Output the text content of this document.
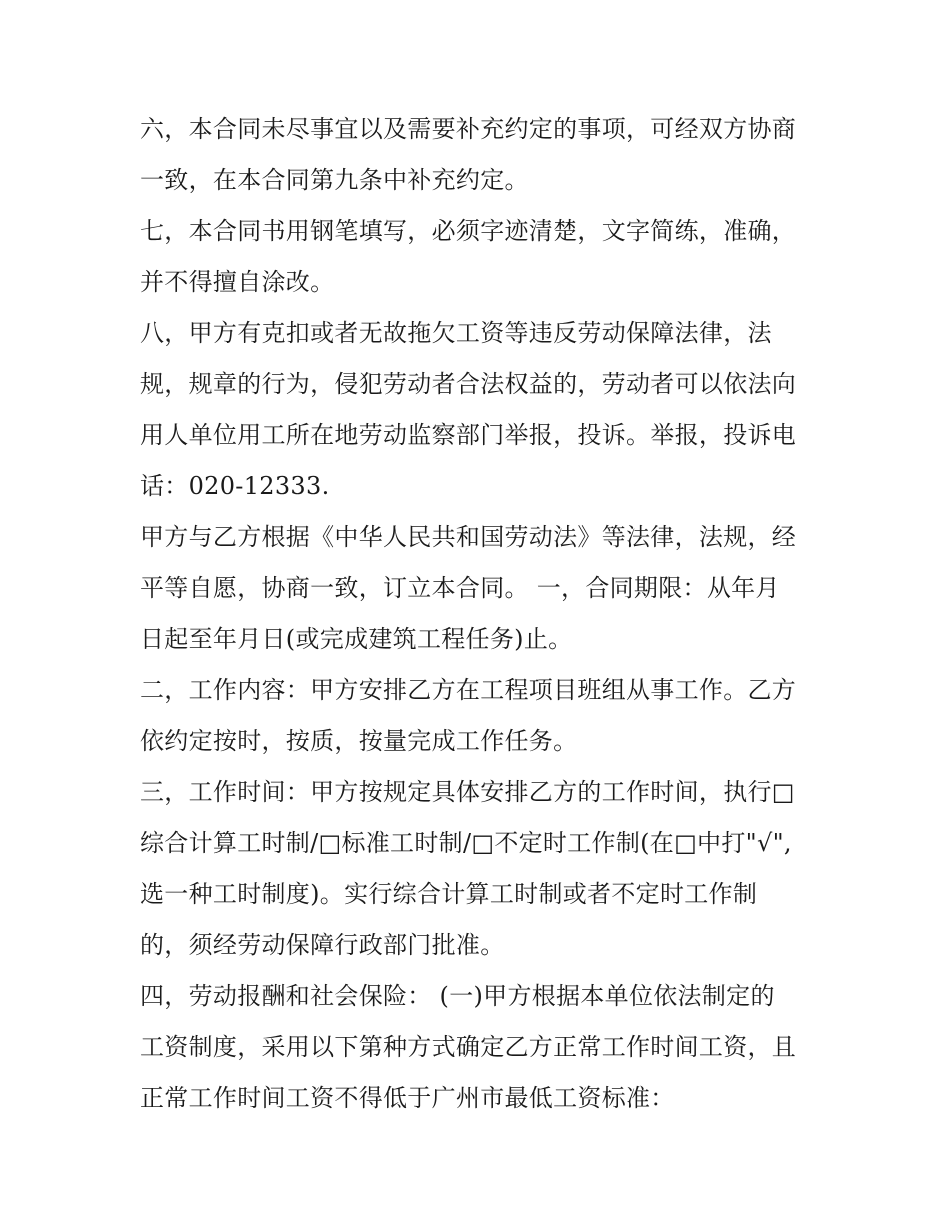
六，本合同未尽事宜以及需要补充约定的事项，可经双方协商
一致，在本合同第九条中补充约定。
七，本合同书用钢笔填写，必须字迹清楚，文字简练，准确，
并不得擅自涂改。
八，甲方有克扣或者无故拖欠工资等违反劳动保障法律，法
规，规章的行为，侵犯劳动者合法权益的，劳动者可以依法向
用人单位用工所在地劳动监察部门举报，投诉。举报，投诉电
话：020-12333.
甲方与乙方根据《中华人民共和国劳动法》等法律，法规，经
平等自愿，协商一致，订立本合同。 一，合同期限：从年月
日起至年月日(或完成建筑工程任务)止。
二，工作内容：甲方安排乙方在工程项目班组从事工作。乙方
依约定按时，按质，按量完成工作任务。
三，工作时间：甲方按规定具体安排乙方的工作时间，执行□
综合计算工时制/□标准工时制/□不定时工作制(在□中打"√",
选一种工时制度)。实行综合计算工时制或者不定时工作制
的，须经劳动保障行政部门批准。
四，劳动报酬和社会保险： (一)甲方根据本单位依法制定的
工资制度，采用以下第种方式确定乙方正常工作时间工资，且
正常工作时间工资不得低于广州市最低工资标准：
